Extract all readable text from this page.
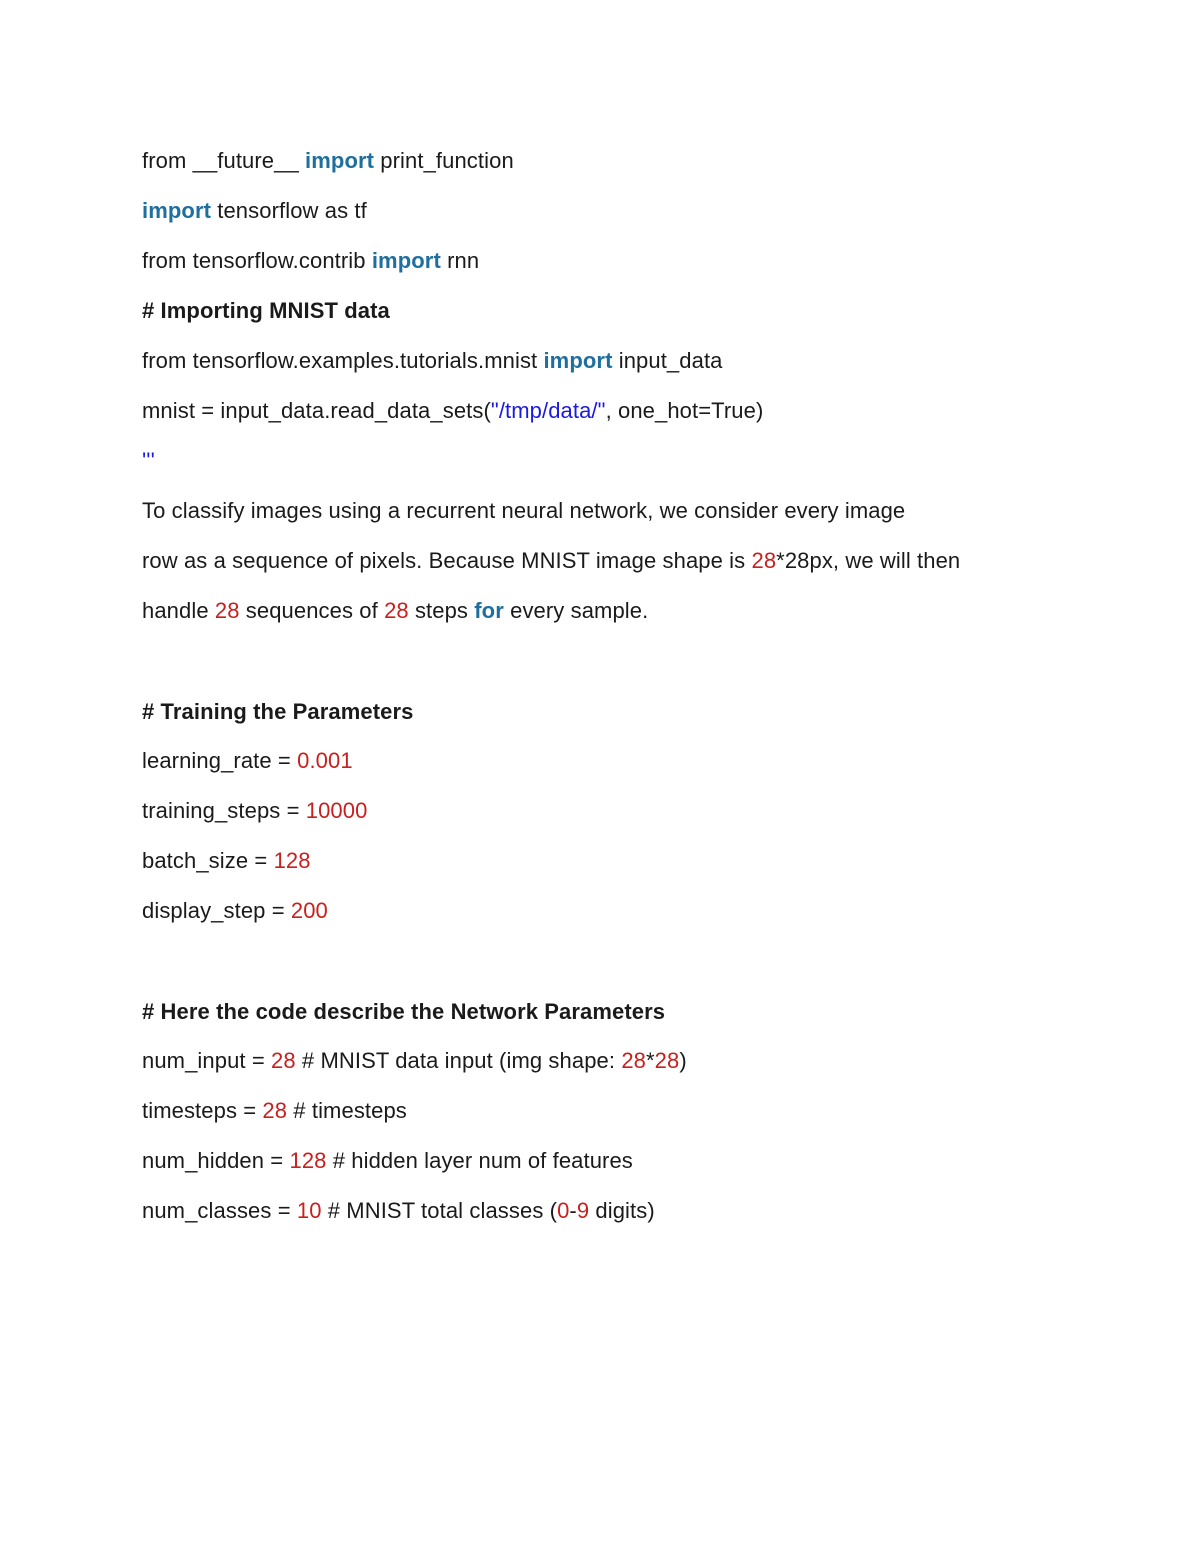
from __future__ import print_function
import tensorflow as tf
from tensorflow.contrib import rnn
# Importing MNIST data
from tensorflow.examples.tutorials.mnist import input_data
mnist = input_data.read_data_sets("/tmp/data/", one_hot=True)
'''
To classify images using a recurrent neural network, we consider every image
row as a sequence of pixels. Because MNIST image shape is 28*28px, we will then
handle 28 sequences of 28 steps for every sample.
# Training the Parameters
learning_rate = 0.001
training_steps = 10000
batch_size = 128
display_step = 200
# Here the code describe the Network Parameters
num_input = 28 # MNIST data input (img shape: 28*28)
timesteps = 28 # timesteps
num_hidden = 128 # hidden layer num of features
num_classes = 10 # MNIST total classes (0-9 digits)
